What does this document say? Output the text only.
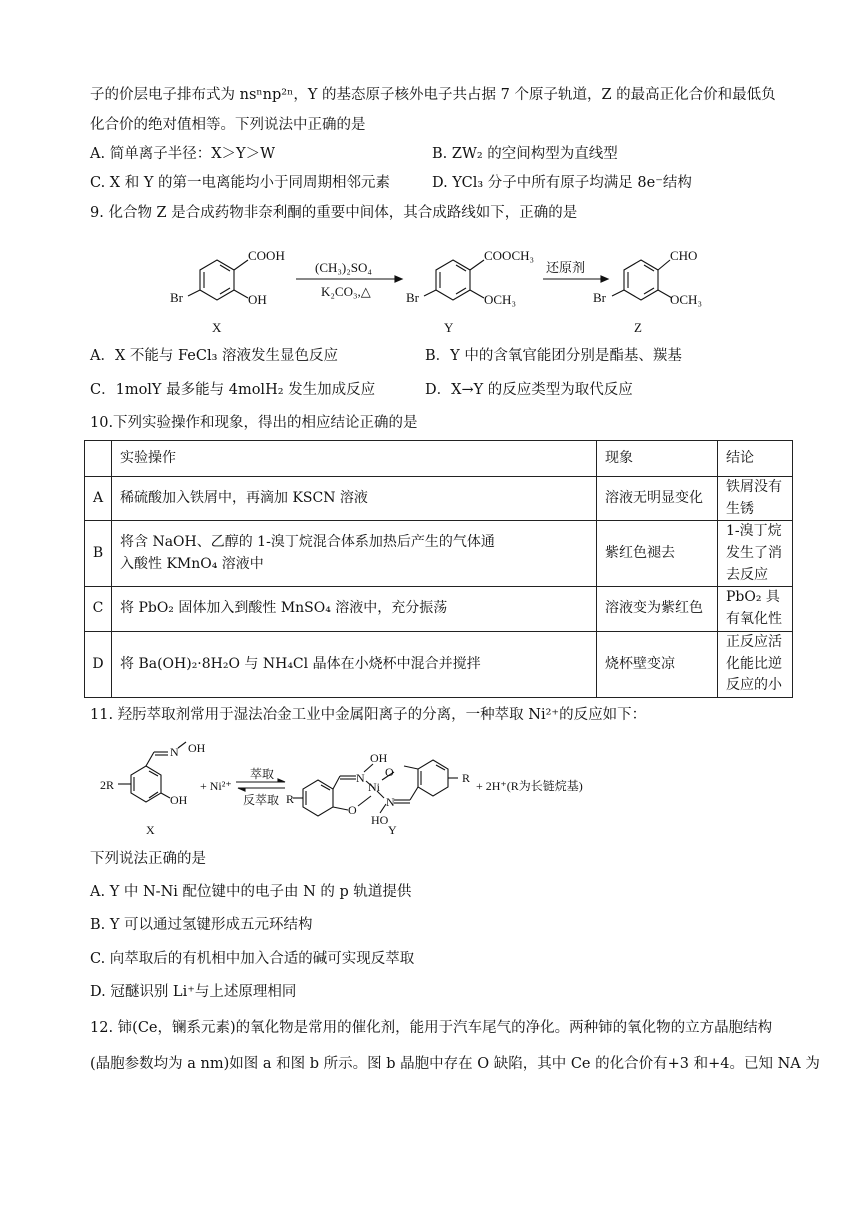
子的价层电子排布式为 nsⁿnp²ⁿ，Y 的基态原子核外电子共占据 7 个原子轨道，Z 的最高正化合价和最低负
化合价的绝对值相等。下列说法中正确的是
A. 简单离子半径：X＞Y＞W	B. ZW₂ 的空间构型为直线型
C. X 和 Y 的第一电离能均小于同周期相邻元素	D. YCl₃ 分子中所有原子均满足 8e⁻结构
9. 化合物 Z 是合成药物非奈利酮的重要中间体，其合成路线如下，正确的是
COOH
OH
Br
(CH₃)₂SO₄
K₂CO₃,△
COOCH₃
OCH₃
Br
还原剂
CHO
OCH₃
Br
X	Y	Z
A．X 不能与 FeCl₃ 溶液发生显色反应	B．Y 中的含氧官能团分别是酯基、羰基
C．1molY 最多能与 4molH₂ 发生加成反应	D．X→Y 的反应类型为取代反应
10.下列实验操作和现象，得出的相应结论正确的是
	实验操作	现象	结论
A	稀硫酸加入铁屑中，再滴加 KSCN 溶液	溶液无明显变化	铁屑没有生锈
B	将含 NaOH、乙醇的 1-溴丁烷混合体系加热后产生的气体通入酸性 KMnO₄ 溶液中	紫红色褪去	1-溴丁烷发生了消去反应
C	将 PbO₂ 固体加入到酸性 MnSO₄ 溶液中，充分振荡	溶液变为紫红色	PbO₂ 具有氧化性
D	将 Ba(OH)₂·8H₂O 与 NH₄Cl 晶体在小烧杯中混合并搅拌	烧杯壁变凉	正反应活化能比逆反应的小
11. 羟肟萃取剂常用于湿法冶金工业中金属阳离子的分离，一种萃取 Ni²⁺的反应如下：
2R
OH
N
OH
+ Ni²⁺
萃取
反萃取 R
R
OH
N
Ni
O
O
N
HO
+ 2H⁺(R为长链烷基)
X	Y
下列说法正确的是
A. Y 中 N-Ni 配位键中的电子由 N 的 p 轨道提供
B. Y 可以通过氢键形成五元环结构
C. 向萃取后的有机相中加入合适的碱可实现反萃取
D. 冠醚识别 Li⁺与上述原理相同
12. 铈(Ce，镧系元素)的氧化物是常用的催化剂，能用于汽车尾气的净化。两种铈的氧化物的立方晶胞结构
(晶胞参数均为 a nm)如图 a 和图 b 所示。图 b 晶胞中存在 O 缺陷，其中 Ce 的化合价有+3 和+4。已知 NA 为
